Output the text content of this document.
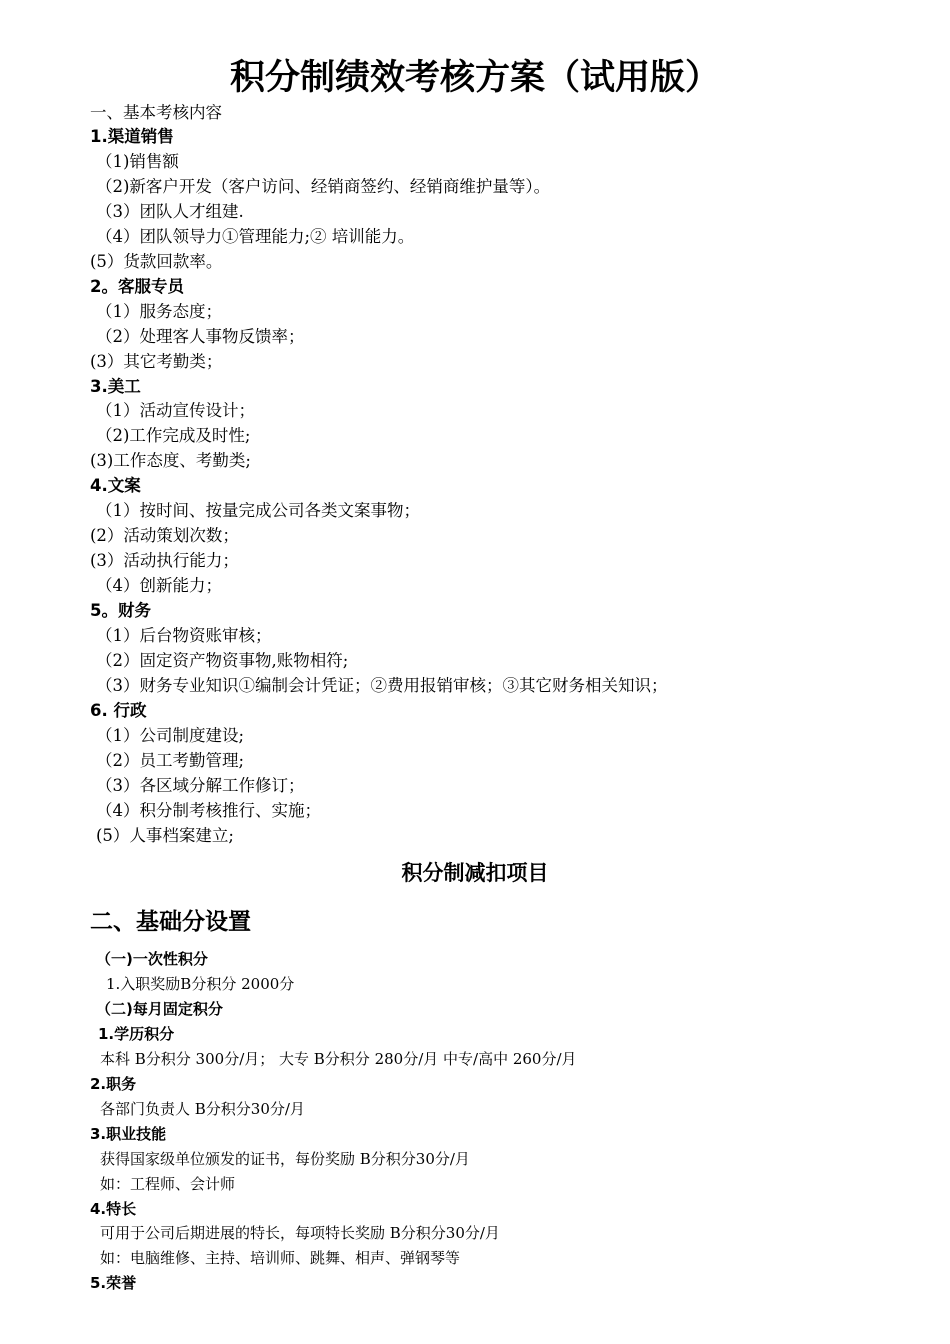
积分制绩效考核方案（试用版）
一、基本考核内容
1.渠道销售
（1)销售额
（2)新客户开发（客户访问、经销商签约、经销商维护量等）。
（3）团队人才组建.
（4）团队领导力①管理能力;② 培训能力。
(5）货款回款率。
2。客服专员
（1）服务态度；
（2）处理客人事物反馈率；
(3）其它考勤类；
3.美工
（1）活动宣传设计；
（2)工作完成及时性;
(3)工作态度、考勤类;
4.文案
（1）按时间、按量完成公司各类文案事物；
(2）活动策划次数；
(3）活动执行能力；
（4）创新能力；
5。财务
（1）后台物资账审核；
（2）固定资产物资事物,账物相符;
（3）财务专业知识①编制会计凭证；②费用报销审核；③其它财务相关知识；
6. 行政
（1）公司制度建设;
（2）员工考勤管理;
（3）各区域分解工作修订；
（4）积分制考核推行、实施；
(5）人事档案建立;
积分制减扣项目
二、基础分设置
（一)一次性积分
1.入职奖励B分积分 2000分
（二)每月固定积分
1.学历积分
本科 B分积分 300分/月； 大专 B分积分 280分/月 中专/高中 260分/月
2.职务
各部门负责人 B分积分30分/月
3.职业技能
获得国家级单位颁发的证书，每份奖励 B分积分30分/月
如：工程师、会计师
4.特长
可用于公司后期进展的特长，每项特长奖励 B分积分30分/月
如：电脑维修、主持、培训师、跳舞、相声、弹钢琴等
5.荣誉
